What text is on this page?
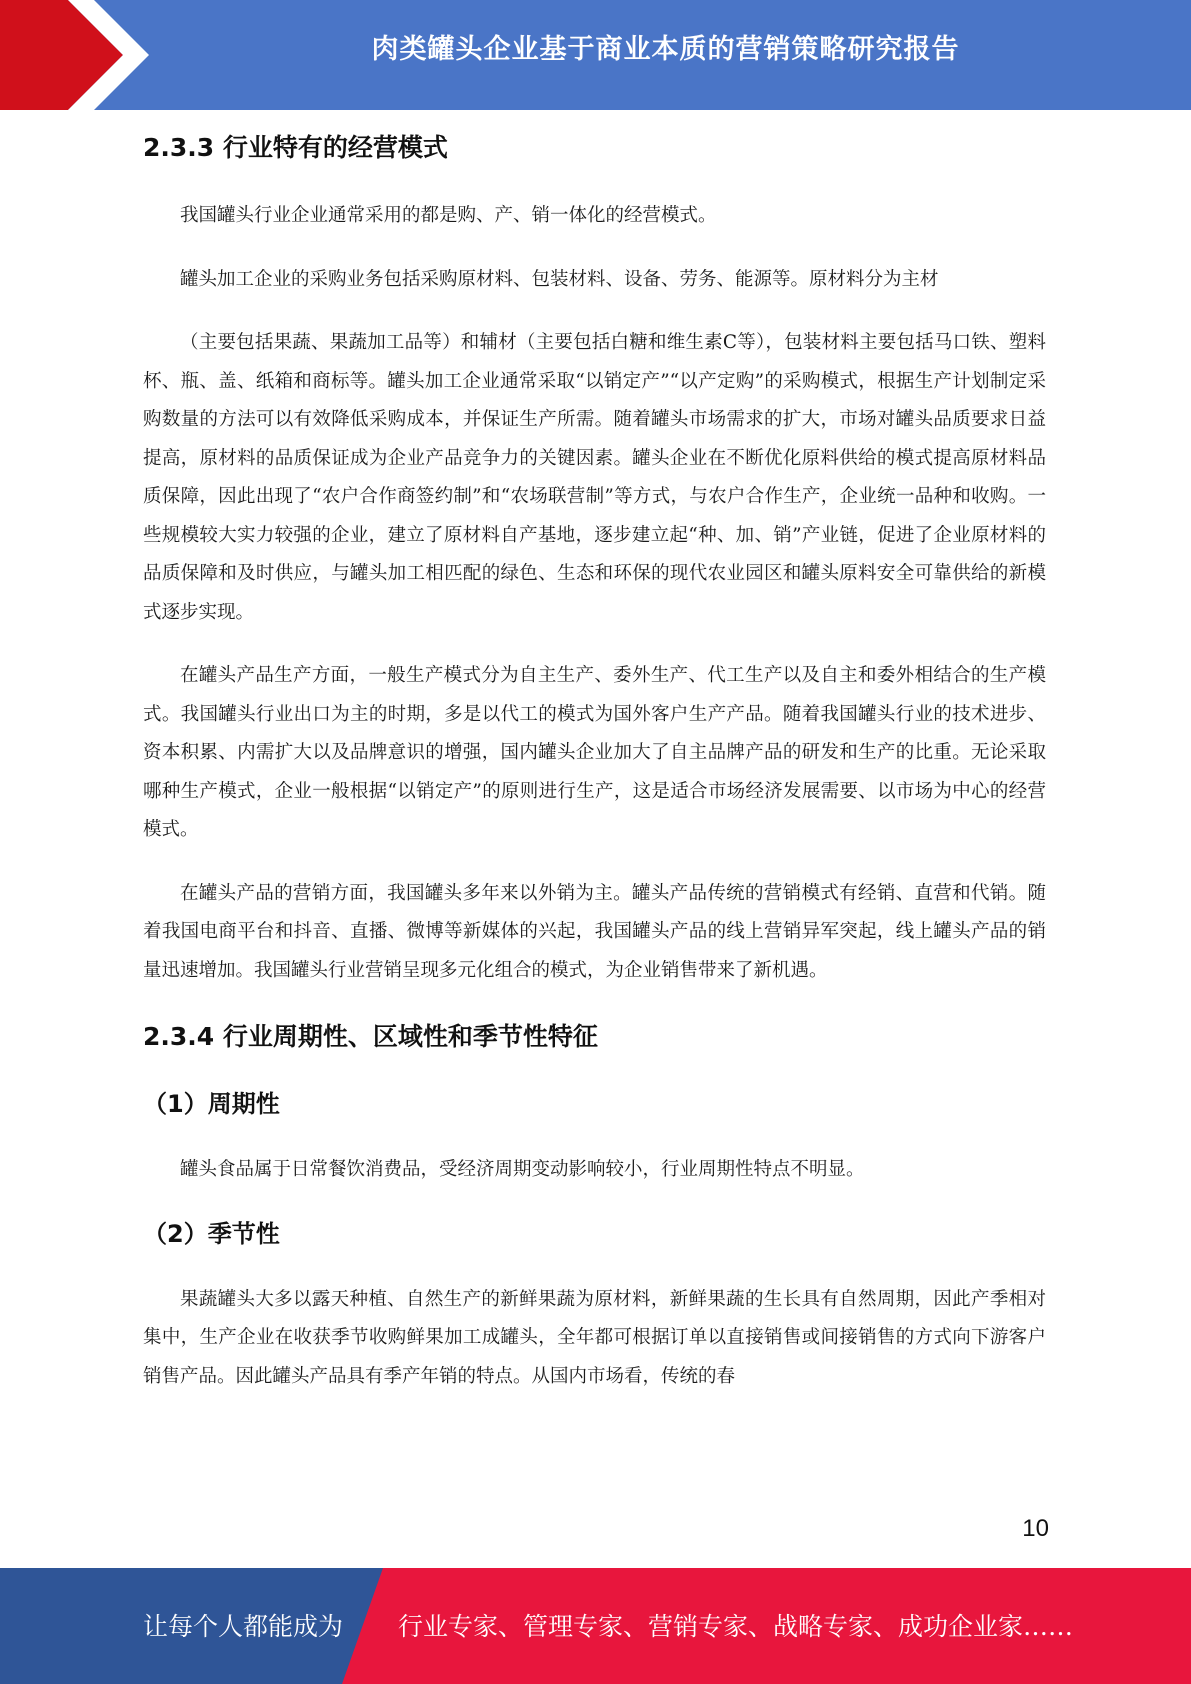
肉类罐头企业基于商业本质的营销策略研究报告
2.3.3 行业特有的经营模式

我国罐头行业企业通常采用的都是购、产、销一体化的经营模式。

罐头加工企业的采购业务包括采购原材料、包装材料、设备、劳务、能源等。原材料分为主材

（主要包括果蔬、果蔬加工品等）和辅材（主要包括白糖和维生素C等），包装材料主要包括马口铁、塑料杯、瓶、盖、纸箱和商标等。罐头加工企业通常采取“以销定产”“以产定购”的采购模式，根据生产计划制定采购数量的方法可以有效降低采购成本，并保证生产所需。随着罐头市场需求的扩大，市场对罐头品质要求日益提高，原材料的品质保证成为企业产品竞争力的关键因素。罐头企业在不断优化原料供给的模式提高原材料品质保障，因此出现了“农户合作商签约制”和“农场联营制”等方式，与农户合作生产，企业统一品种和收购。一些规模较大实力较强的企业，建立了原材料自产基地，逐步建立起“种、加、销”产业链，促进了企业原材料的品质保障和及时供应，与罐头加工相匹配的绿色、生态和环保的现代农业园区和罐头原料安全可靠供给的新模式逐步实现。

在罐头产品生产方面，一般生产模式分为自主生产、委外生产、代工生产以及自主和委外相结合的生产模式。我国罐头行业出口为主的时期，多是以代工的模式为国外客户生产产品。随着我国罐头行业的技术进步、资本积累、内需扩大以及品牌意识的增强，国内罐头企业加大了自主品牌产品的研发和生产的比重。无论采取哪种生产模式，企业一般根据“以销定产”的原则进行生产，这是适合市场经济发展需要、以市场为中心的经营模式。

在罐头产品的营销方面，我国罐头多年来以外销为主。罐头产品传统的营销模式有经销、直营和代销。随着我国电商平台和抖音、直播、微博等新媒体的兴起，我国罐头产品的线上营销异军突起，线上罐头产品的销量迅速增加。我国罐头行业营销呈现多元化组合的模式，为企业销售带来了新机遇。

2.3.4 行业周期性、区域性和季节性特征
（1）周期性

罐头食品属于日常餐饮消费品，受经济周期变动影响较小，行业周期性特点不明显。

（2）季节性

果蔬罐头大多以露天种植、自然生产的新鲜果蔬为原材料，新鲜果蔬的生长具有自然周期，因此产季相对集中，生产企业在收获季节收购鲜果加工成罐头，全年都可根据订单以直接销售或间接销售的方式向下游客户销售产品。因此罐头产品具有季产年销的特点。从国内市场看，传统的春

10
让每个人都能成为 行业专家、管理专家、营销专家、战略专家、成功企业家……
